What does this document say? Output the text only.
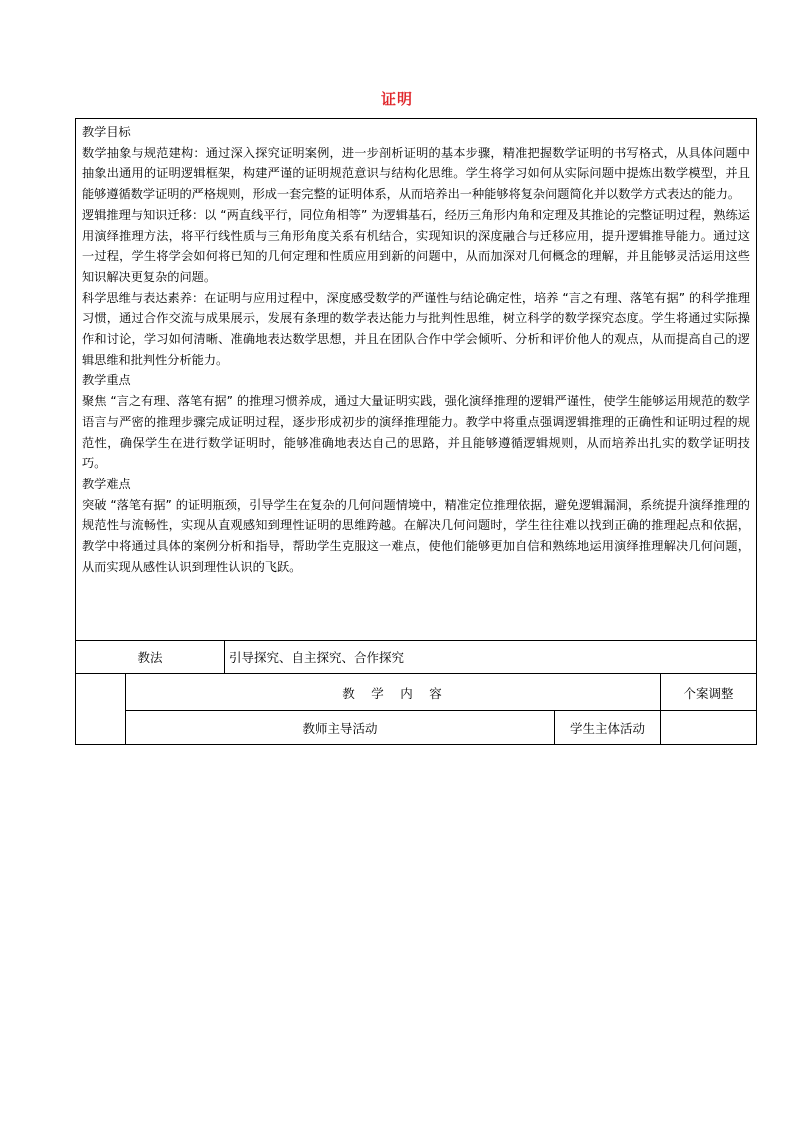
证明

教学目标

数学抽象与规范建构：通过深入探究证明案例，进一步剖析证明的基本步骤，精准把握数学证明的书写格式，从具体问题中抽象出通用的证明逻辑框架，构建严谨的证明规范意识与结构化思维。学生将学习如何从实际问题中提炼出数学模型，并且能够遵循数学证明的严格规则，形成一套完整的证明体系，从而培养出一种能够将复杂问题简化并以数学方式表达的能力。

逻辑推理与知识迁移：以 “两直线平行，同位角相等” 为逻辑基石，经历三角形内角和定理及其推论的完整证明过程，熟练运用演绎推理方法，将平行线性质与三角形角度关系有机结合，实现知识的深度融合与迁移应用，提升逻辑推导能力。通过这一过程，学生将学会如何将已知的几何定理和性质应用到新的问题中，从而加深对几何概念的理解，并且能够灵活运用这些知识解决更复杂的问题。

科学思维与表达素养：在证明与应用过程中，深度感受数学的严谨性与结论确定性，培养 “言之有理、落笔有据” 的科学推理习惯，通过合作交流与成果展示，发展有条理的数学表达能力与批判性思维，树立科学的数学探究态度。学生将通过实际操作和讨论，学习如何清晰、准确地表达数学思想，并且在团队合作中学会倾听、分析和评价他人的观点，从而提高自己的逻辑思维和批判性分析能力。

教学重点

聚焦 “言之有理、落笔有据” 的推理习惯养成，通过大量证明实践，强化演绎推理的逻辑严谨性，使学生能够运用规范的数学语言与严密的推理步骤完成证明过程，逐步形成初步的演绎推理能力。教学中将重点强调逻辑推理的正确性和证明过程的规范性，确保学生在进行数学证明时，能够准确地表达自己的思路，并且能够遵循逻辑规则，从而培养出扎实的数学证明技巧。

教学难点

突破 “落笔有据” 的证明瓶颈，引导学生在复杂的几何问题情境中，精准定位推理依据，避免逻辑漏洞，系统提升演绎推理的规范性与流畅性，实现从直观感知到理性证明的思维跨越。在解决几何问题时，学生往往难以找到正确的推理起点和依据，教学中将通过具体的案例分析和指导，帮助学生克服这一难点，使他们能够更加自信和熟练地运用演绎推理解决几何问题，从而实现从感性认识到理性认识的飞跃。

教法	引导探究、自主探究、合作探究
教　学　内　容	个案调整
教师主导活动	学生主体活动
